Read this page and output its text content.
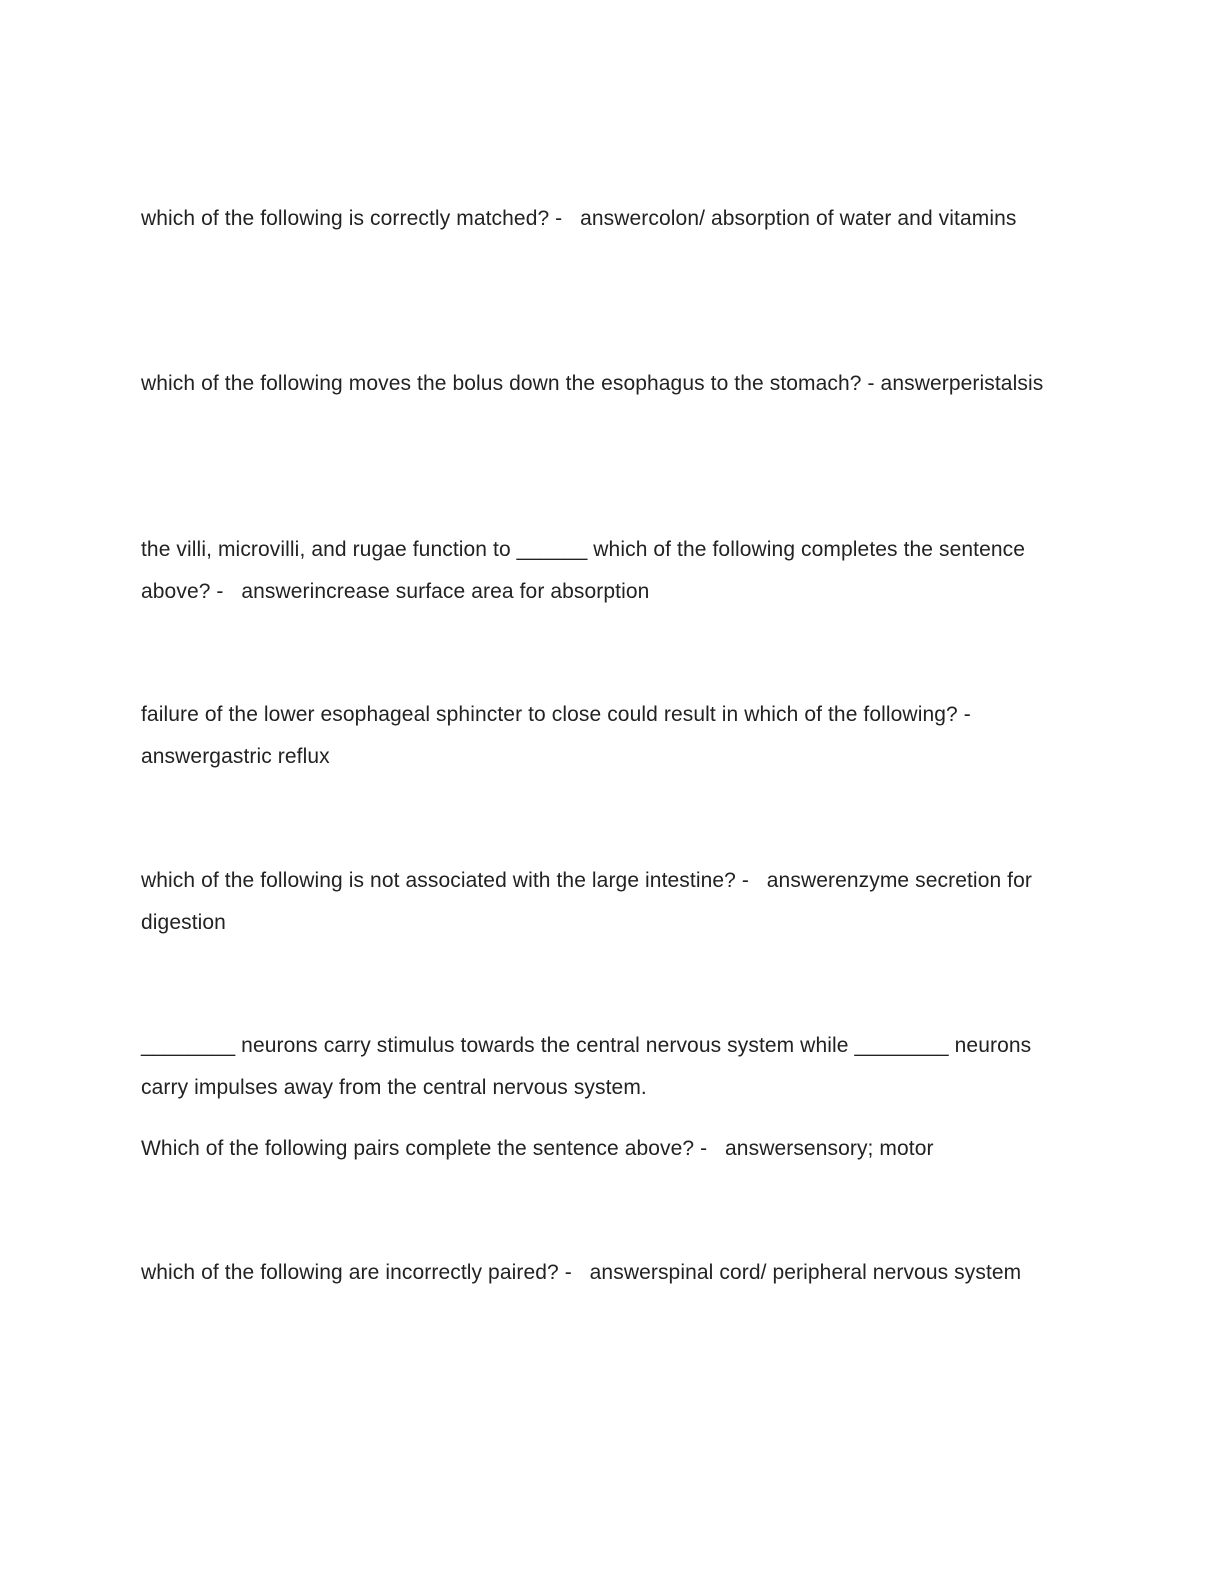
which of the following is correctly matched? - answercolon/ absorption of water and vitamins

which of the following moves the bolus down the esophagus to the stomach? - answerperistalsis

the villi, microvilli, and rugae function to ______ which of the following completes the sentence above? - answerincrease surface area for absorption

failure of the lower esophageal sphincter to close could result in which of the following? - answergastric reflux

which of the following is not associated with the large intestine? - answerenzyme secretion for digestion

________ neurons carry stimulus towards the central nervous system while ________ neurons carry impulses away from the central nervous system.

Which of the following pairs complete the sentence above? - answersensory; motor

which of the following are incorrectly paired? - answerspinal cord/ peripheral nervous system
